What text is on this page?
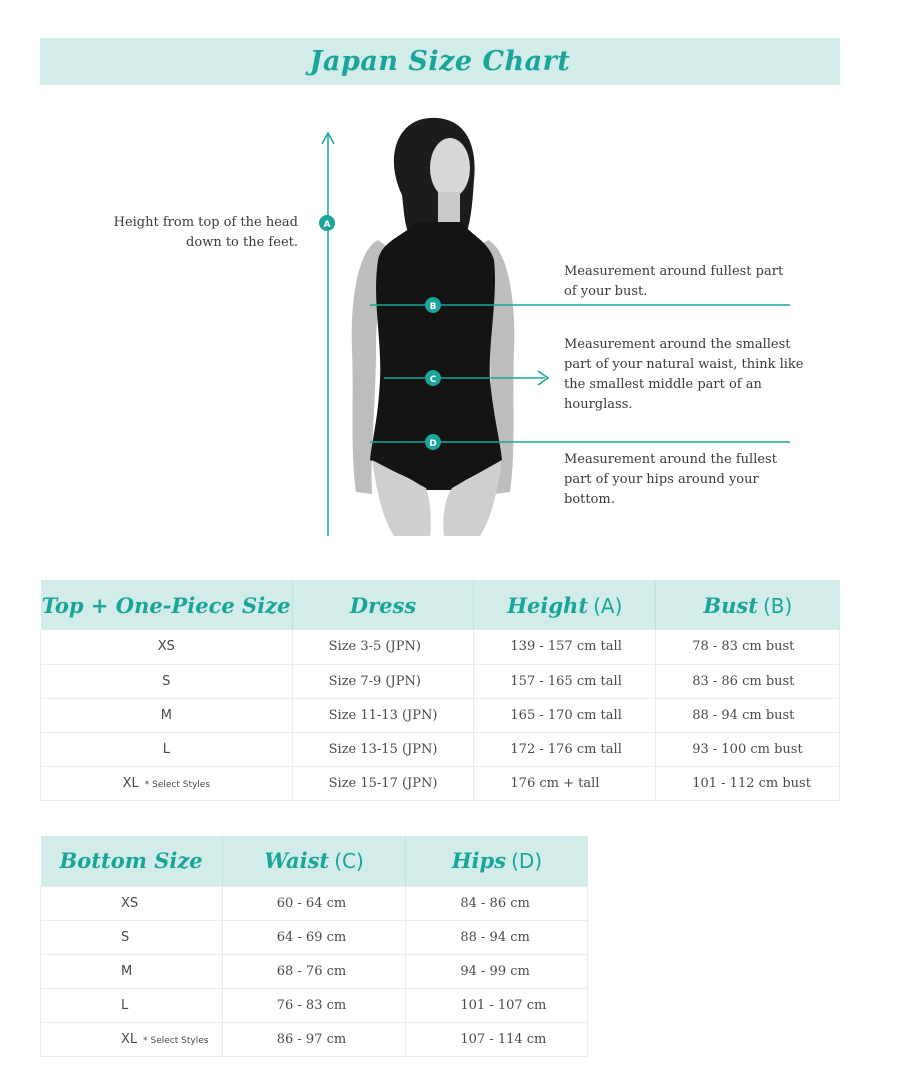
Japan Size Chart
A
B
C
D
Height from top of the head down to the feet.
Measurement around fullest part of your bust.
Measurement around the smallest part of your natural waist, think like the smallest middle part of an hourglass.
Measurement around the fullest part of your hips around your bottom.
Top + One-Piece Size	Dress	Height (A)	Bust (B)
XS	Size 3-5 (JPN)	139 - 157 cm tall	78 - 83 cm bust
S	Size 7-9 (JPN)	157 - 165 cm tall	83 - 86 cm bust
M	Size 11-13 (JPN)	165 - 170 cm tall	88 - 94 cm bust
L	Size 13-15 (JPN)	172 - 176 cm tall	93 - 100 cm bust
XL * Select Styles	Size 15-17 (JPN)	176 cm + tall	101 - 112 cm bust
Bottom Size	Waist (C)	Hips (D)
XS	60 - 64 cm	84 - 86 cm
S	64 - 69 cm	88 - 94 cm
M	68 - 76 cm	94 - 99 cm
L	76 - 83 cm	101 - 107 cm
XL * Select Styles	86 - 97 cm	107 - 114 cm
